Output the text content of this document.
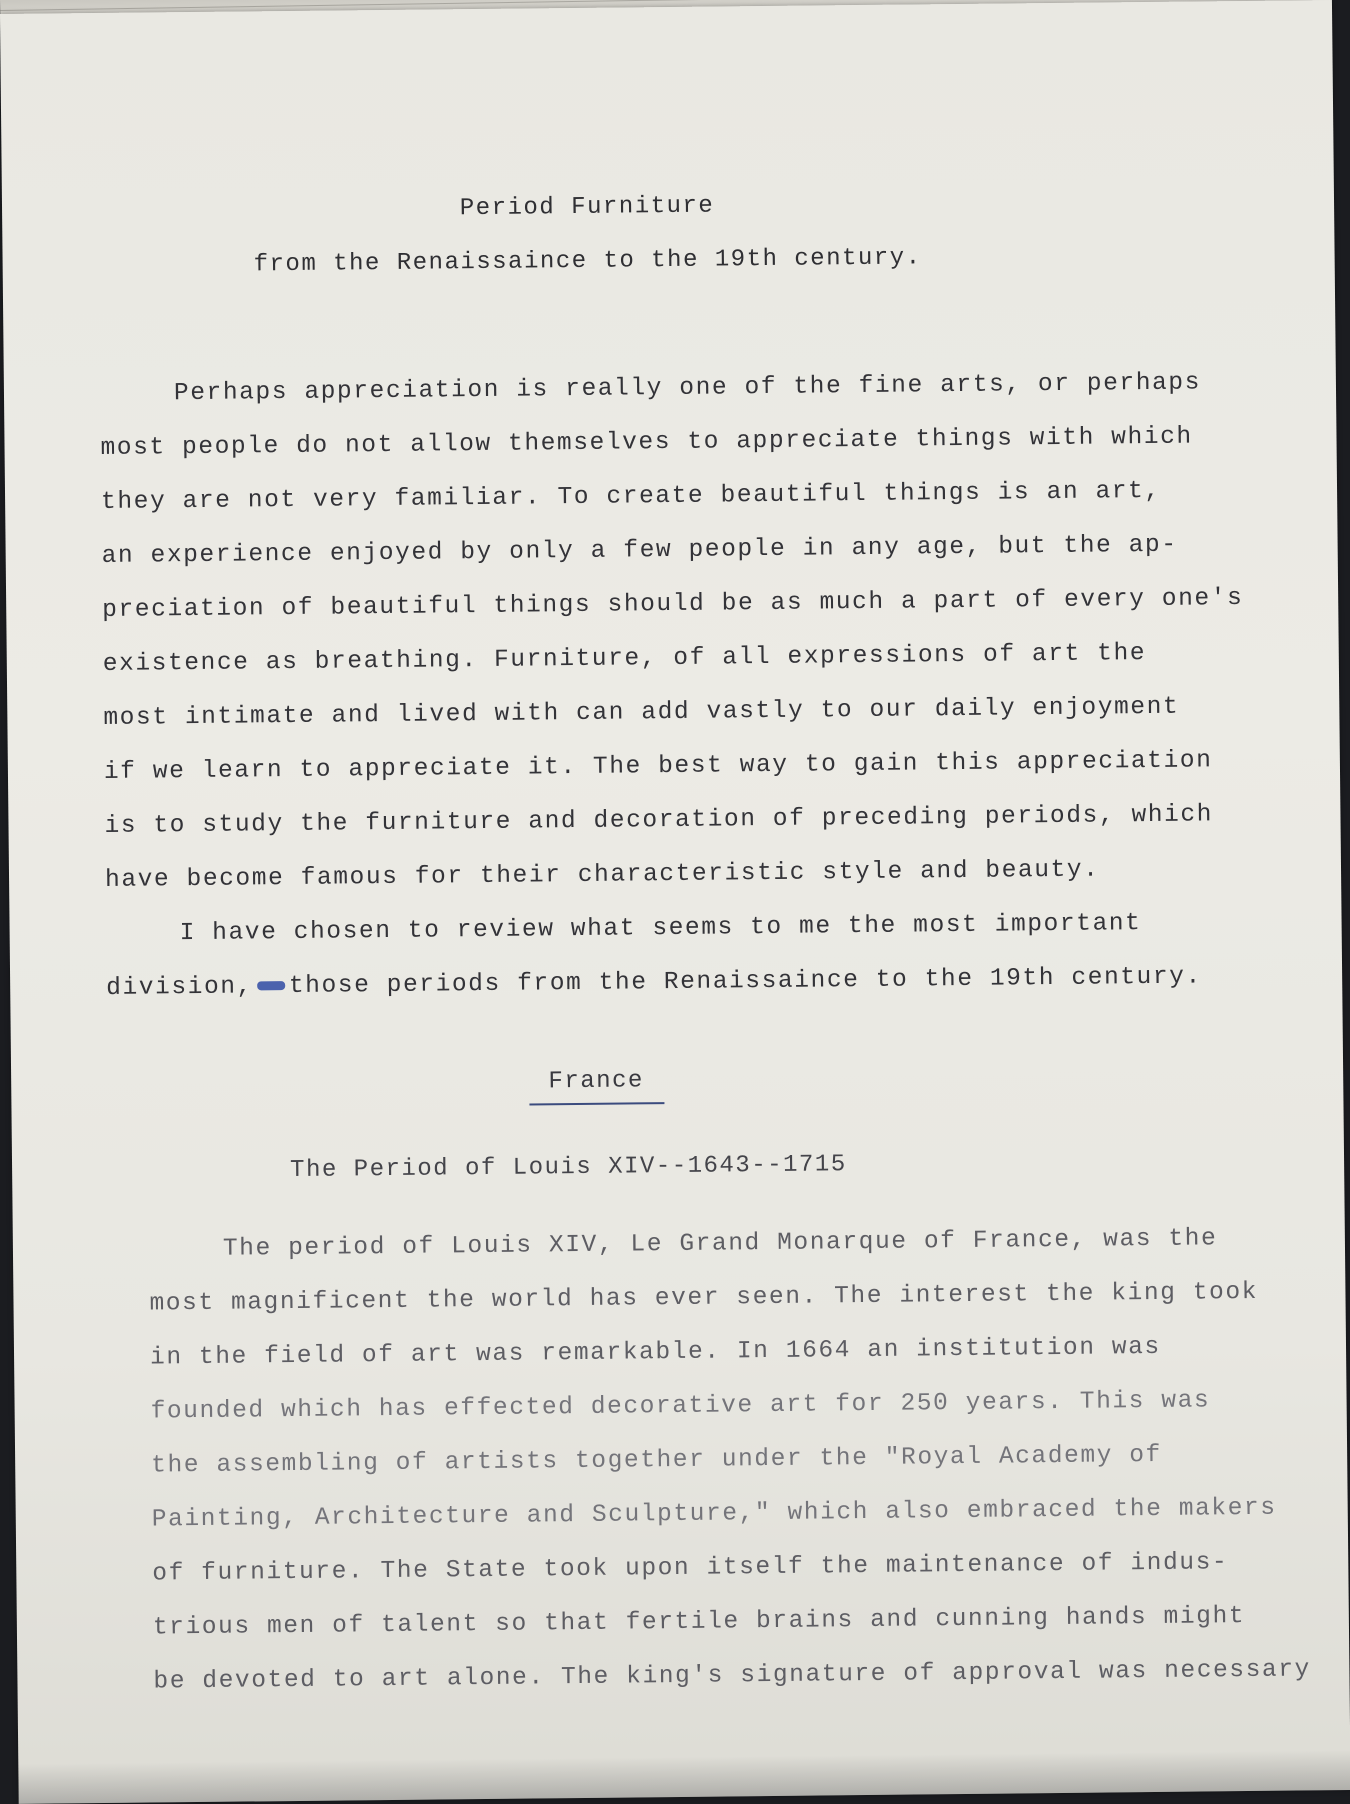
Period Furniture
from the Renaissaince to the 19th century.
Perhaps appreciation is really one of the fine arts, or perhaps
most people do not allow themselves to appreciate things with which
they are not very familiar. To create beautiful things is an art,
an experience enjoyed by only a few people in any age, but the ap-
preciation of beautiful things should be as much a part of every one's
existence as breathing. Furniture, of all expressions of art the
most intimate and lived with can add vastly to our daily enjoyment
if we learn to appreciate it. The best way to gain this appreciation
is to study the furniture and decoration of preceding periods, which
have become famous for their characteristic style and beauty.
I have chosen to review what seems to me the most important
division, those periods from the Renaissaince to the 19th century.
France
The Period of Louis XIV--1643--1715
The period of Louis XIV, Le Grand Monarque of France, was the
most magnificent the world has ever seen. The interest the king took
in the field of art was remarkable. In 1664 an institution was
founded which has effected decorative art for 250 years. This was
the assembling of artists together under the "Royal Academy of
Painting, Architecture and Sculpture," which also embraced the makers
of furniture. The State took upon itself the maintenance of indus-
trious men of talent so that fertile brains and cunning hands might
be devoted to art alone. The king's signature of approval was necessary
